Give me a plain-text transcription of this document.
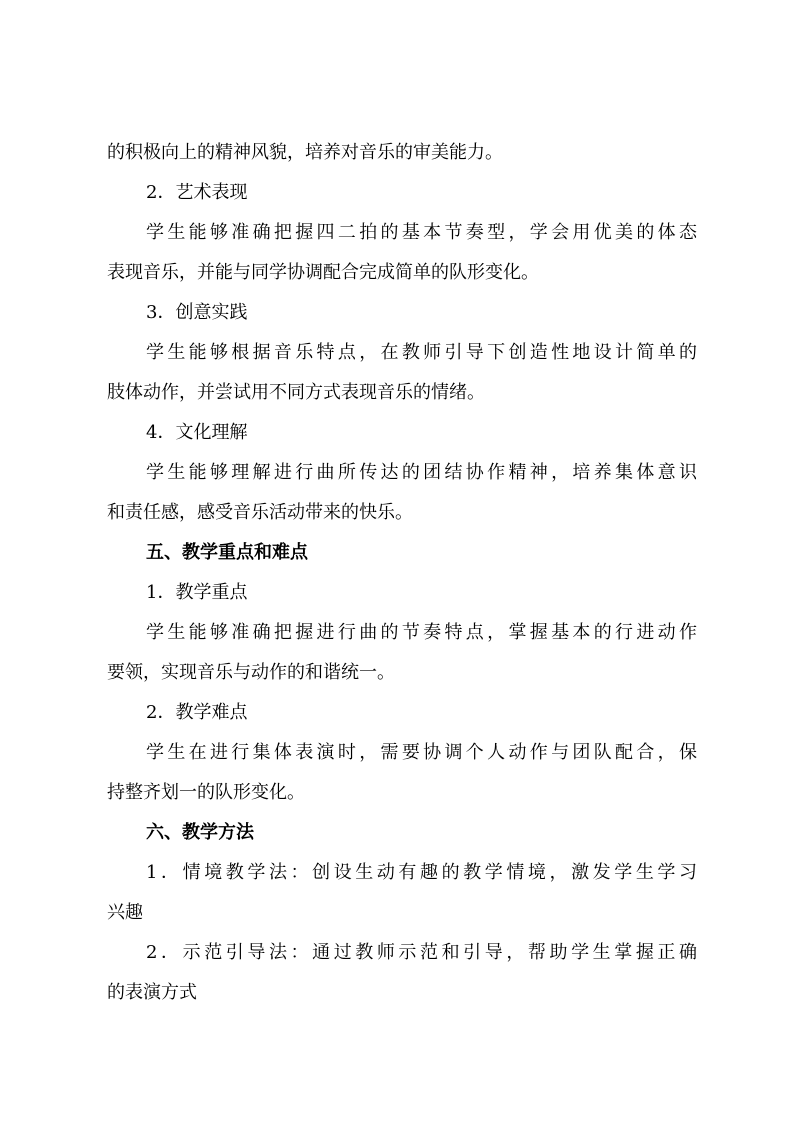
的积极向上的精神风貌，培养对音乐的审美能力。
2．艺术表现
学生能够准确把握四二拍的基本节奏型，学会用优美的体态
表现音乐，并能与同学协调配合完成简单的队形变化。
3．创意实践
学生能够根据音乐特点，在教师引导下创造性地设计简单的
肢体动作，并尝试用不同方式表现音乐的情绪。
4．文化理解
学生能够理解进行曲所传达的团结协作精神，培养集体意识
和责任感，感受音乐活动带来的快乐。
五、教学重点和难点
1．教学重点
学生能够准确把握进行曲的节奏特点，掌握基本的行进动作
要领，实现音乐与动作的和谐统一。
2．教学难点
学生在进行集体表演时，需要协调个人动作与团队配合，保
持整齐划一的队形变化。
六、教学方法
1．情境教学法：创设生动有趣的教学情境，激发学生学习
兴趣
2．示范引导法：通过教师示范和引导，帮助学生掌握正确
的表演方式
